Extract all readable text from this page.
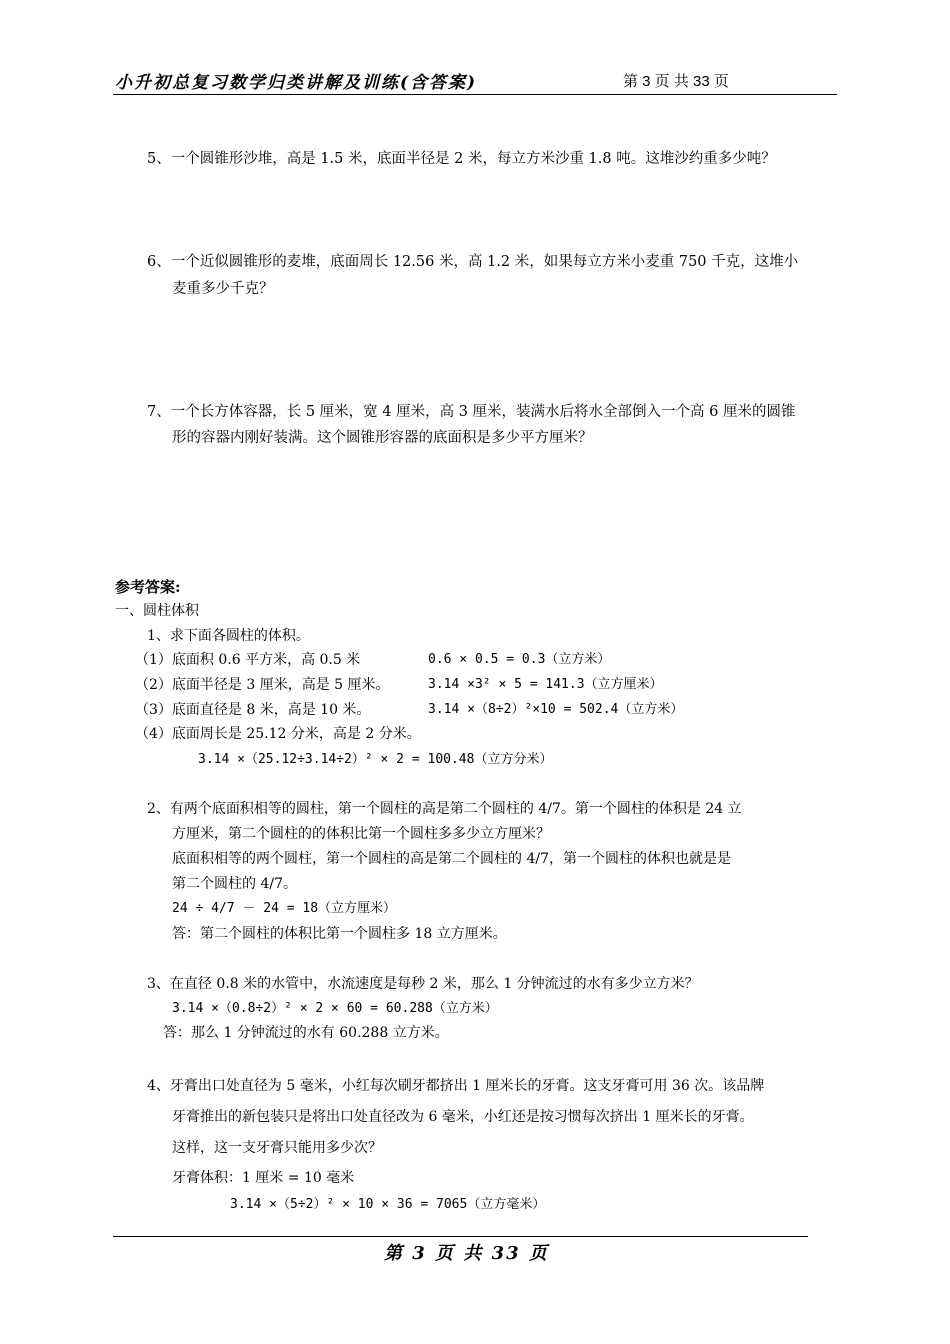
小升初总复习数学归类讲解及训练(含答案)	第 3 页 共 33 页
5、一个圆锥形沙堆，高是 1.5 米，底面半径是 2 米，每立方米沙重 1.8 吨。这堆沙约重多少吨？
6、一个近似圆锥形的麦堆，底面周长 12.56 米，高 1.2 米，如果每立方米小麦重 750 千克，这堆小
麦重多少千克？
7、一个长方体容器，长 5 厘米，宽 4 厘米，高 3 厘米，装满水后将水全部倒入一个高 6 厘米的圆锥
形的容器内刚好装满。这个圆锥形容器的底面积是多少平方厘米？
参考答案:
一、圆柱体积
1、求下面各圆柱的体积。
（1）底面积 0.6 平方米，高 0.5 米	0.6 × 0.5 = 0.3（立方米）
（2）底面半径是 3 厘米，高是 5 厘米。	3.14 ×3² × 5 = 141.3（立方厘米）
（3）底面直径是 8 米，高是 10 米。	3.14 ×（8÷2）²×10 = 502.4（立方米）
（4）底面周长是 25.12 分米，高是 2 分米。
3.14 ×（25.12÷3.14÷2）² × 2 = 100.48（立方分米）
2、有两个底面积相等的圆柱，第一个圆柱的高是第二个圆柱的 4/7。第一个圆柱的体积是 24 立
方厘米，第二个圆柱的的体积比第一个圆柱多多少立方厘米？
底面积相等的两个圆柱，第一个圆柱的高是第二个圆柱的 4/7，第一个圆柱的体积也就是是
第二个圆柱的 4/7。
24 ÷ 4/7 － 24 = 18（立方厘米）
答：第二个圆柱的体积比第一个圆柱多 18 立方厘米。
3、在直径 0.8 米的水管中，水流速度是每秒 2 米，那么 1 分钟流过的水有多少立方米？
3.14 ×（0.8÷2）² × 2 × 60 = 60.288（立方米）
答：那么 1 分钟流过的水有 60.288 立方米。
4、牙膏出口处直径为 5 毫米，小红每次刷牙都挤出 1 厘米长的牙膏。这支牙膏可用 36 次。该品牌
牙膏推出的新包装只是将出口处直径改为 6 毫米，小红还是按习惯每次挤出 1 厘米长的牙膏。
这样，这一支牙膏只能用多少次？
牙膏体积：1 厘米 = 10 毫米
3.14 ×（5÷2）² × 10 × 36 = 7065（立方毫米）
第 3 页 共 33 页
